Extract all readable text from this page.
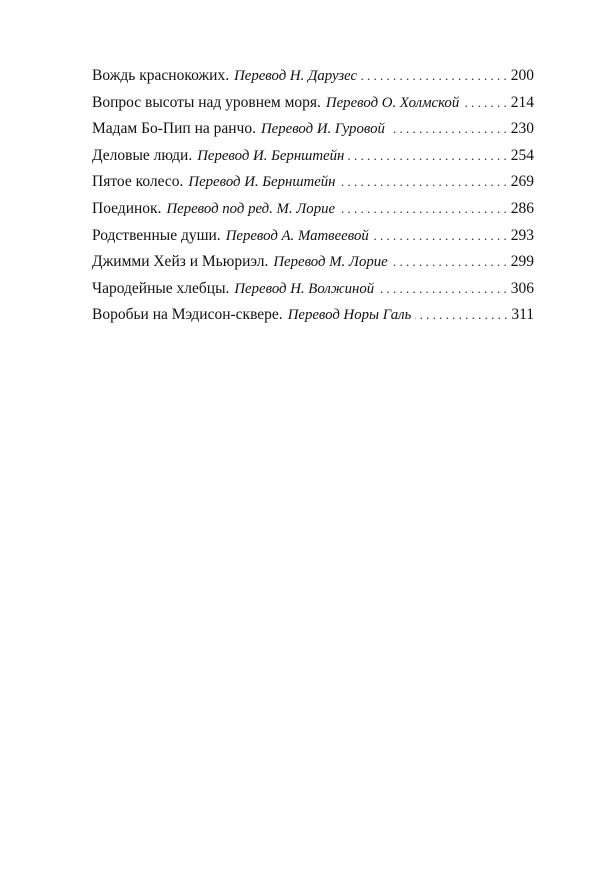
Вождь краснокожих. Перевод Н. Дарузес . . .	200
Вопрос высоты над уровнем моря. Перевод О. Холмской . . .	214
Мадам Бо-Пип на ранчо. Перевод И. Гуровой . . .	230
Деловые люди. Перевод И. Бернштейн . . .	254
Пятое колесо. Перевод И. Бернштейн . . .	269
Поединок. Перевод под ред. М. Лорие . . .	286
Родственные души. Перевод А. Матвеевой . . .	293
Джимми Хейз и Мьюриэл. Перевод М. Лорие . . .	299
Чародейные хлебцы. Перевод Н. Волжиной . . .	306
Воробьи на Мэдисон-сквере. Перевод Норы Галь . . .	311
